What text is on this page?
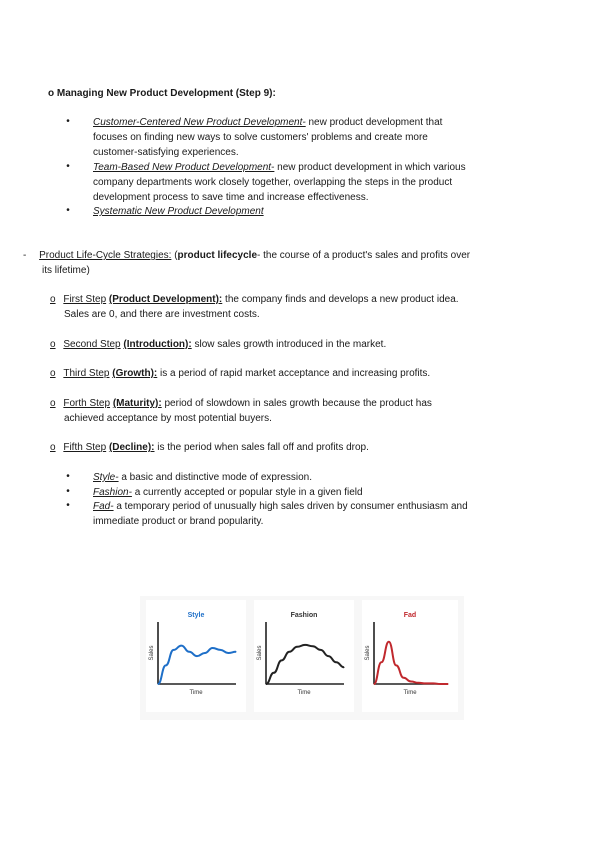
o Managing New Product Development (Step 9):
• Customer-Centered New Product Development- new product development that
focuses on finding new ways to solve customers' problems and create more
customer-satisfying experiences.
• Team-Based New Product Development- new product development in which various
company departments work closely together, overlapping the steps in the product
development process to save time and increase effectiveness.
• Systematic New Product Development
- Product Life-Cycle Strategies: (product lifecycle- the course of a product's sales and profits over
its lifetime)
o First Step (Product Development): the company finds and develops a new product idea.
Sales are 0, and there are investment costs.
o Second Step (Introduction): slow sales growth introduced in the market.
o Third Step (Growth): is a period of rapid market acceptance and increasing profits.
o Forth Step (Maturity): period of slowdown in sales growth because the product has
achieved acceptance by most potential buyers.
o Fifth Step (Decline): is the period when sales fall off and profits drop.
• Style- a basic and distinctive mode of expression.
• Fashion- a currently accepted or popular style in a given field
• Fad- a temporary period of unusually high sales driven by consumer enthusiasm and
immediate product or brand popularity.
Style
Time
Sales
Fashion
Time
Sales
Fad
Time
Sales
